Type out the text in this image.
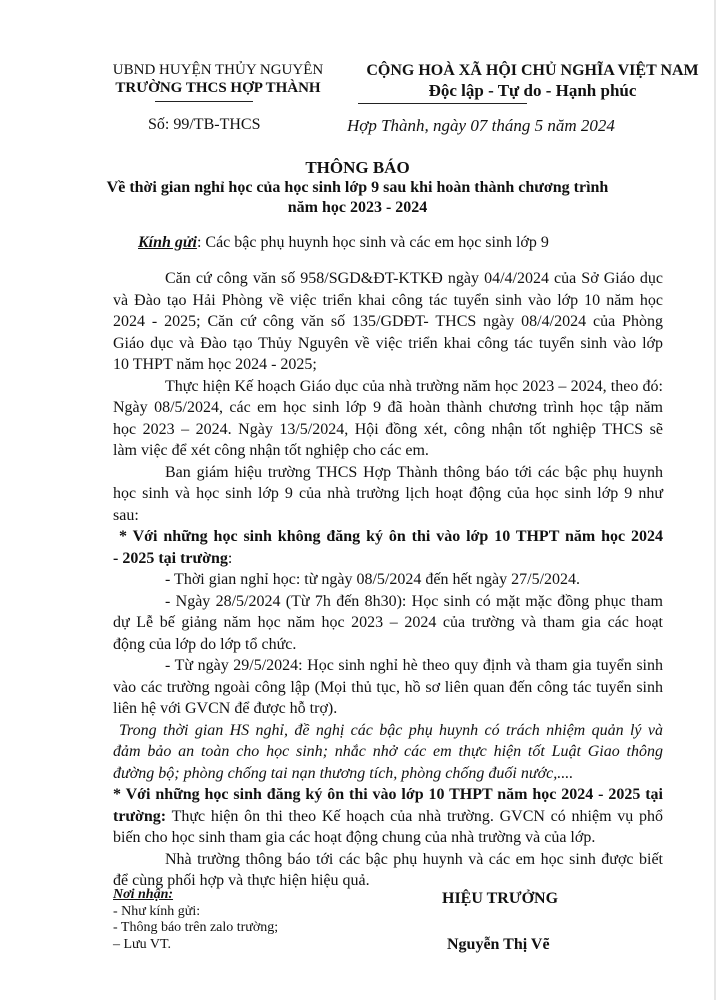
UBND HUYỆN THỦY NGUYÊN
TRƯỜNG THCS HỢP THÀNH
CỘNG HOÀ XÃ HỘI CHỦ NGHĨA VIỆT NAM
Độc lập - Tự do - Hạnh phúc
Số: 99/TB-THCS	Hợp Thành, ngày 07 tháng 5 năm 2024
THÔNG BÁO
Về thời gian nghỉ học của học sinh lớp 9 sau khi hoàn thành chương trình
năm học 2023 - 2024
Kính gửi: Các bậc phụ huynh học sinh và các em học sinh lớp 9
Căn cứ công văn số 958/SGD&ĐT-KTKĐ ngày 04/4/2024 của Sở Giáo dục
và Đào tạo Hải Phòng về việc triển khai công tác tuyển sinh vào lớp 10 năm học
2024 - 2025; Căn cứ công văn số 135/GDĐT- THCS ngày 08/4/2024 của Phòng
Giáo dục và Đào tạo Thủy Nguyên về việc triển khai công tác tuyển sinh vào lớp
10 THPT năm học 2024 - 2025;
Thực hiện Kế hoạch Giáo dục của nhà trường năm học 2023 – 2024, theo đó:
Ngày 08/5/2024, các em học sinh lớp 9 đã hoàn thành chương trình học tập năm
học 2023 – 2024. Ngày 13/5/2024, Hội đồng xét, công nhận tốt nghiệp THCS sẽ
làm việc để xét công nhận tốt nghiệp cho các em.
Ban giám hiệu trường THCS Hợp Thành thông báo tới các bậc phụ huynh
học sinh và học sinh lớp 9 của nhà trường lịch hoạt động của học sinh lớp 9 như
sau:
* Với những học sinh không đăng ký ôn thi vào lớp 10 THPT năm học 2024
- 2025 tại trường:
- Thời gian nghỉ học: từ ngày 08/5/2024 đến hết ngày 27/5/2024.
- Ngày 28/5/2024 (Từ 7h đến 8h30): Học sinh có mặt mặc đồng phục tham
dự Lễ bế giảng năm học năm học 2023 – 2024 của trường và tham gia các hoạt
động của lớp do lớp tổ chức.
- Từ ngày 29/5/2024: Học sinh nghỉ hè theo quy định và tham gia tuyển sinh
vào các trường ngoài công lập (Mọi thủ tục, hồ sơ liên quan đến công tác tuyển sinh
liên hệ với GVCN để được hỗ trợ).
Trong thời gian HS nghỉ, đề nghị các bậc phụ huynh có trách nhiệm quản lý và
đảm bảo an toàn cho học sinh; nhắc nhở các em thực hiện tốt Luật Giao thông
đường bộ; phòng chống tai nạn thương tích, phòng chống đuối nước,....
* Với những học sinh đăng ký ôn thi vào lớp 10 THPT năm học 2024 - 2025 tại
trường: Thực hiện ôn thi theo Kế hoạch của nhà trường. GVCN có nhiệm vụ phổ
biến cho học sinh tham gia các hoạt động chung của nhà trường và của lớp.
Nhà trường thông báo tới các bậc phụ huynh và các em học sinh được biết
để cùng phối hợp và thực hiện hiệu quả.
Nơi nhận:
- Như kính gửi:
- Thông báo trên zalo trường;
– Lưu VT.
HIỆU TRƯỞNG
Nguyễn Thị Vẽ
